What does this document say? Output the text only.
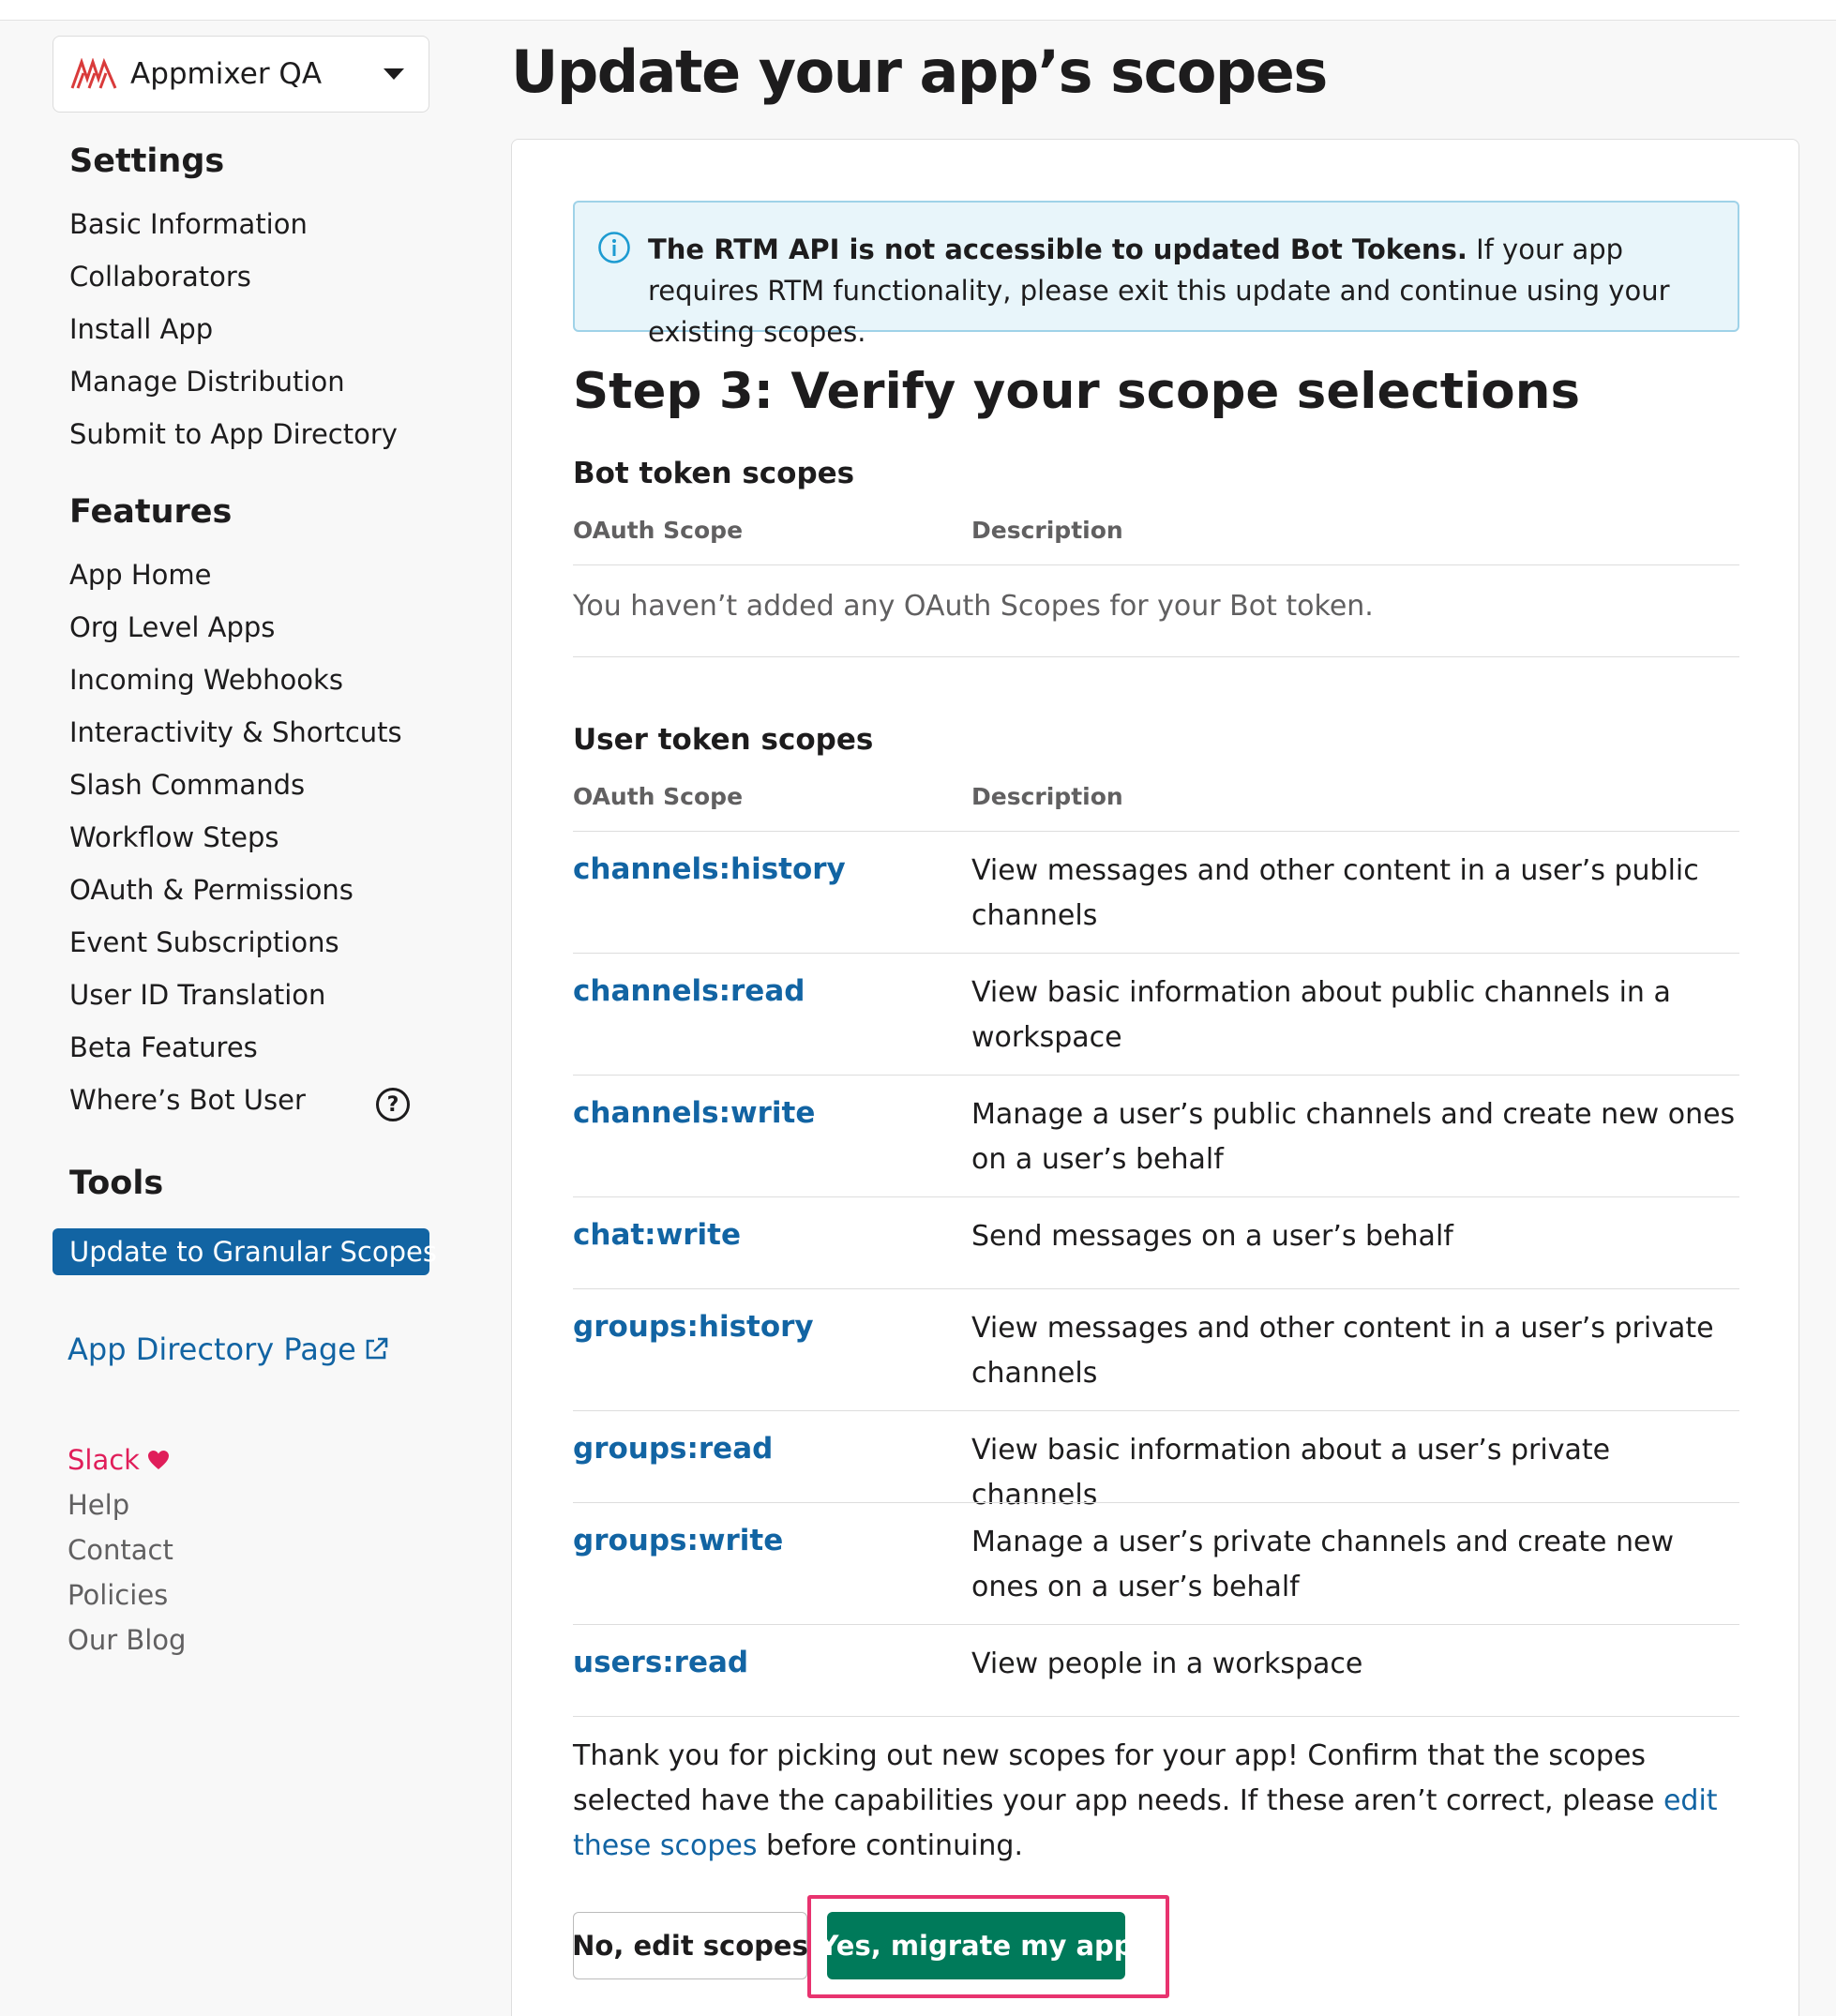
Appmixer QA
Settings
Basic Information
Collaborators
Install App
Manage Distribution
Submit to App Directory
Features
App Home
Org Level Apps
Incoming Webhooks
Interactivity & Shortcuts
Slash Commands
Workflow Steps
OAuth & Permissions
Event Subscriptions
User ID Translation
Beta Features
Where’s Bot User	?
Tools
Update to Granular Scopes
App Directory Page
Slack
Help
Contact
Policies
Our Blog
Update your app’s scopes
The RTM API is not accessible to updated Bot Tokens. If your app requires RTM functionality, please exit this update and continue using your existing scopes.
Step 3: Verify your scope selections
Bot token scopes
OAuth Scope	Description
You haven’t added any OAuth Scopes for your Bot token.
User token scopes
OAuth Scope	Description
channels:history	View messages and other content in a user’s public channels
channels:read	View basic information about public channels in a workspace
channels:write	Manage a user’s public channels and create new ones on a user’s behalf
chat:write	Send messages on a user’s behalf
groups:history	View messages and other content in a user’s private channels
groups:read	View basic information about a user’s private channels
groups:write	Manage a user’s private channels and create new ones on a user’s behalf
users:read	View people in a workspace
Thank you for picking out new scopes for your app! Confirm that the scopes selected have the capabilities your app needs. If these aren’t correct, please edit these scopes before continuing.
No, edit scopes Yes, migrate my app
